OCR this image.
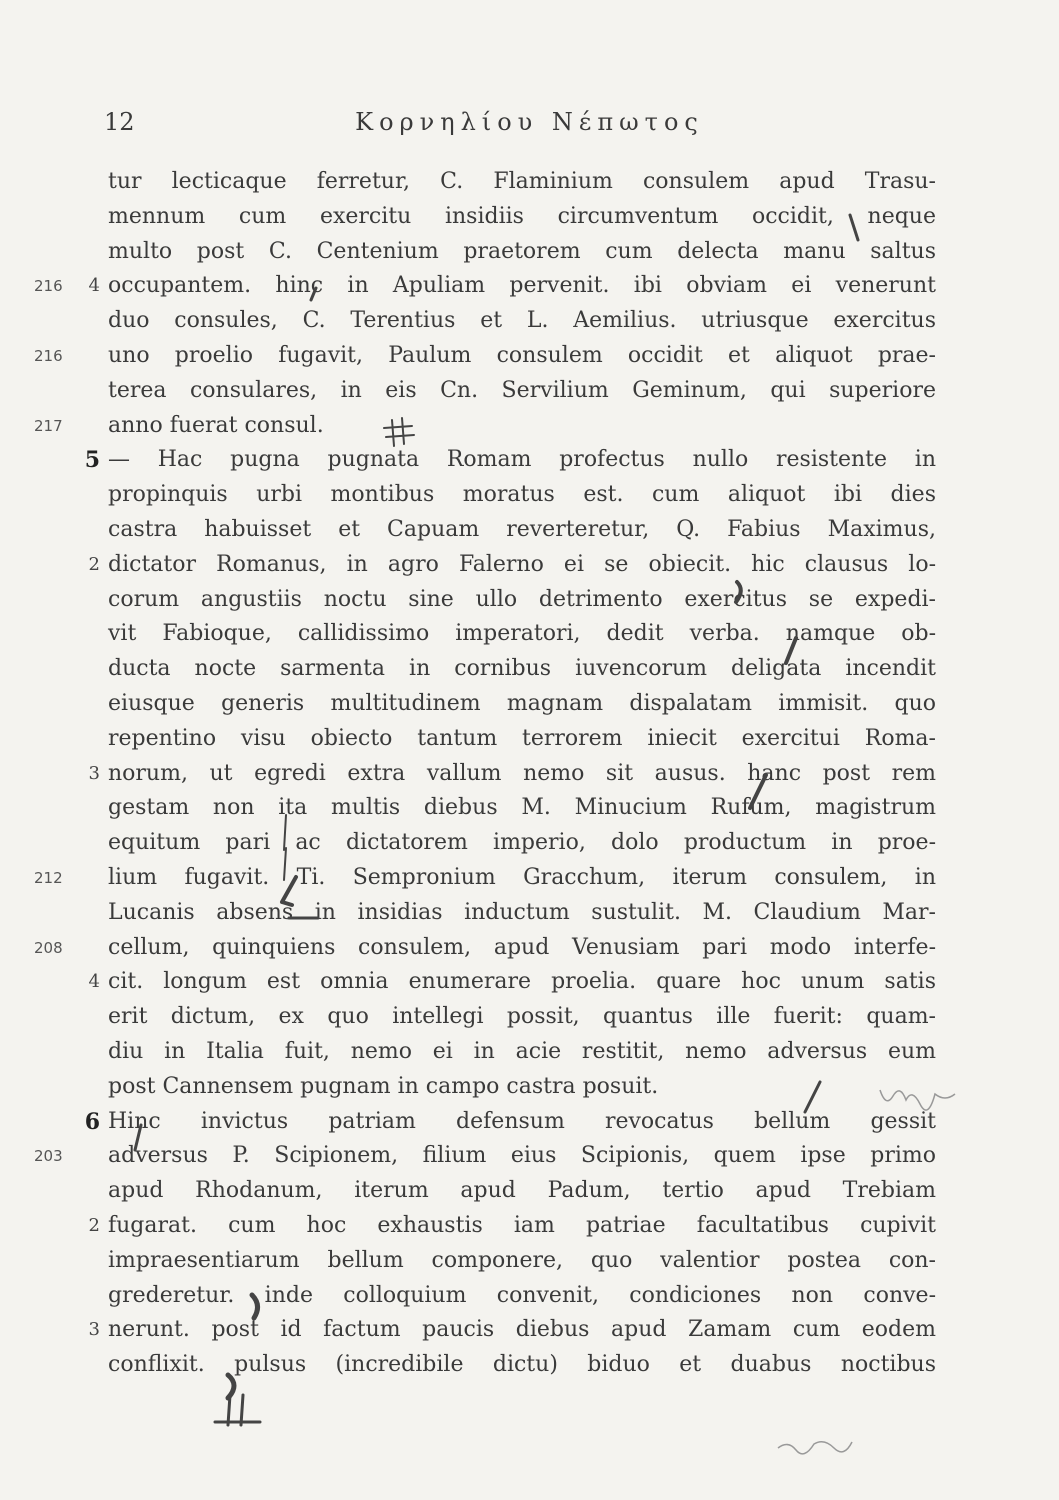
12	Κορνηλίου Νέπωτος
tur lecticaque ferretur, C. Flaminium consulem apud Trasu-
mennum cum exercitu insidiis circumventum occidit, neque
multo post C. Centenium praetorem cum delecta manu saltus
216	4 occupantem. hinc in Apuliam pervenit. ibi obviam ei venerunt
duo consules, C. Terentius et L. Aemilius. utriusque exercitus
216 uno proelio fugavit, Paulum consulem occidit et aliquot prae-
terea consulares, in eis Cn. Servilium Geminum, qui superiore
217 anno fuerat consul.
5 — Hac pugna pugnata Romam profectus nullo resistente in
propinquis urbi montibus moratus est. cum aliquot ibi dies
castra habuisset et Capuam reverteretur, Q. Fabius Maximus,
2 dictator Romanus, in agro Falerno ei se obiecit. hic clausus lo-
corum angustiis noctu sine ullo detrimento exercitus se expedi-
vit Fabioque, callidissimo imperatori, dedit verba. namque ob-
ducta nocte sarmenta in cornibus iuvencorum deligata incendit
eiusque generis multitudinem magnam dispalatam immisit. quo
repentino visu obiecto tantum terrorem iniecit exercitui Roma-
3 norum, ut egredi extra vallum nemo sit ausus. hanc post rem
gestam non ita multis diebus M. Minucium Rufum, magistrum
equitum pari ac dictatorem imperio, dolo productum in proe-
212 lium fugavit. Ti. Sempronium Gracchum, iterum consulem, in
Lucanis absens in insidias inductum sustulit. M. Claudium Mar-
208 cellum, quinquiens consulem, apud Venusiam pari modo interfe-
4 cit. longum est omnia enumerare proelia. quare hoc unum satis
erit dictum, ex quo intellegi possit, quantus ille fuerit: quam-
diu in Italia fuit, nemo ei in acie restitit, nemo adversus eum
post Cannensem pugnam in campo castra posuit.
6 Hinc invictus patriam defensum revocatus bellum gessit
203 adversus P. Scipionem, filium eius Scipionis, quem ipse primo
apud Rhodanum, iterum apud Padum, tertio apud Trebiam
2 fugarat. cum hoc exhaustis iam patriae facultatibus cupivit
impraesentiarum bellum componere, quo valentior postea con-
grederetur. inde colloquium convenit, condiciones non conve-
3 nerunt. post id factum paucis diebus apud Zamam cum eodem
conflixit. pulsus (incredibile dictu) biduo et duabus noctibus
